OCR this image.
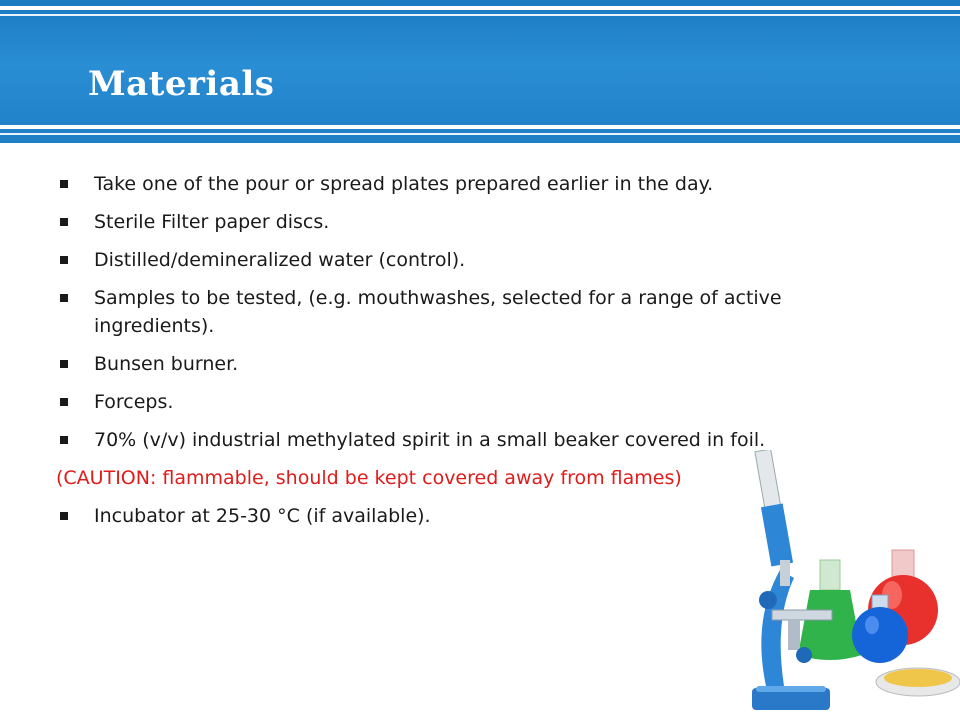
Materials
Take one of the pour or spread plates prepared earlier in the day.
Sterile Filter paper discs.
Distilled/demineralized water (control).
Samples to be tested, (e.g. mouthwashes, selected for a range of active ingredients).
Bunsen burner.
Forceps.
70% (v/v) industrial methylated spirit in a small beaker covered in foil.
(CAUTION: flammable, should be kept covered away from flames)
Incubator at 25-30 °C (if available).
